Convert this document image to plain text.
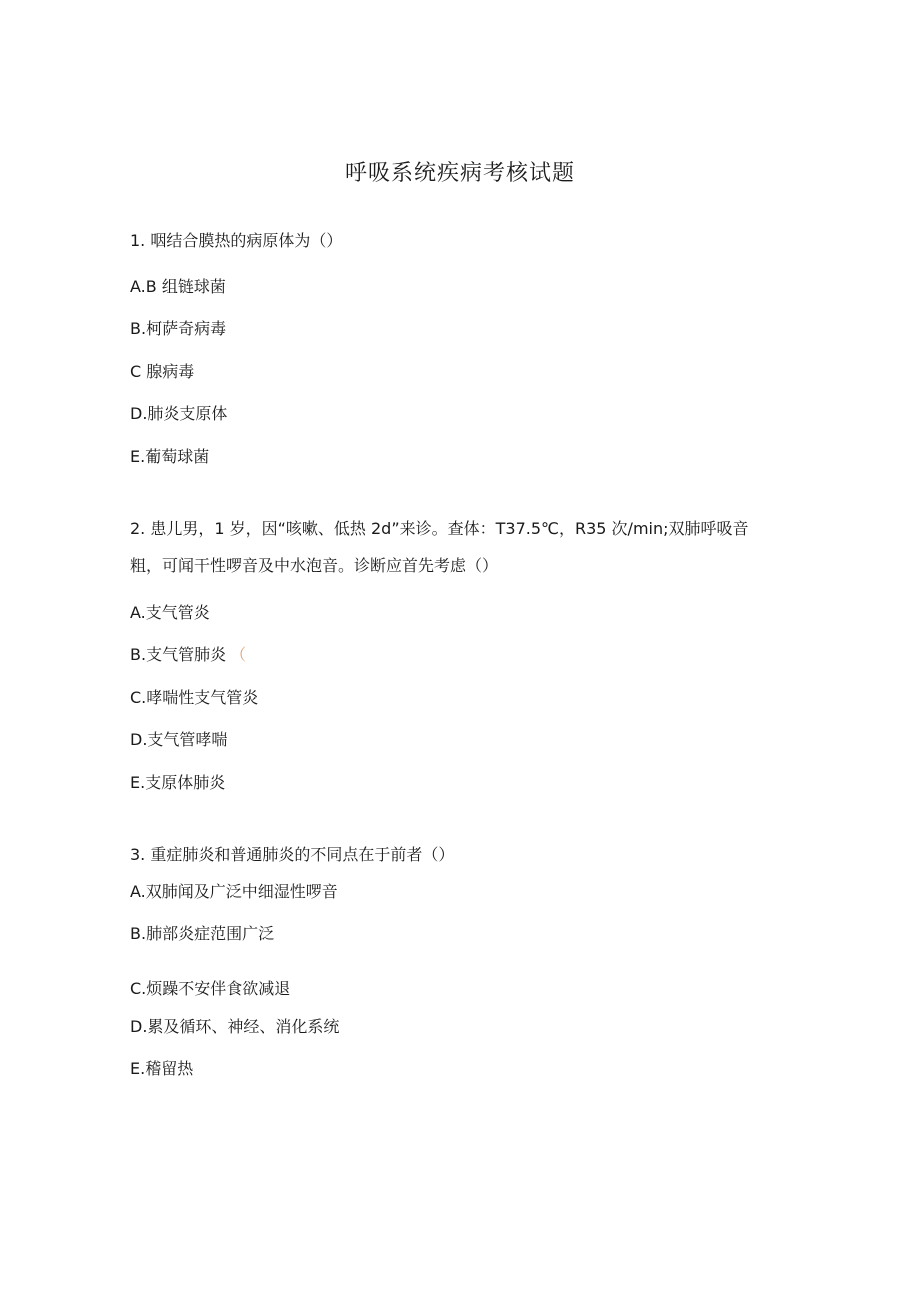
呼吸系统疾病考核试题
1. 咽结合膜热的病原体为（）
A.B 组链球菌
B.柯萨奇病毒
C 腺病毒
D.肺炎支原体
E.葡萄球菌
2. 患儿男，1 岁，因“咳嗽、低热 2d”来诊。查体：T37.5℃，R35 次/min;双肺呼吸音
粗，可闻干性啰音及中水泡音。诊断应首先考虑（）
A.支气管炎
B.支气管肺炎 （
C.哮喘性支气管炎
D.支气管哮喘
E.支原体肺炎
3. 重症肺炎和普通肺炎的不同点在于前者（）
A.双肺闻及广泛中细湿性啰音
B.肺部炎症范围广泛
C.烦躁不安伴食欲减退
D.累及循环、神经、消化系统
E.稽留热
